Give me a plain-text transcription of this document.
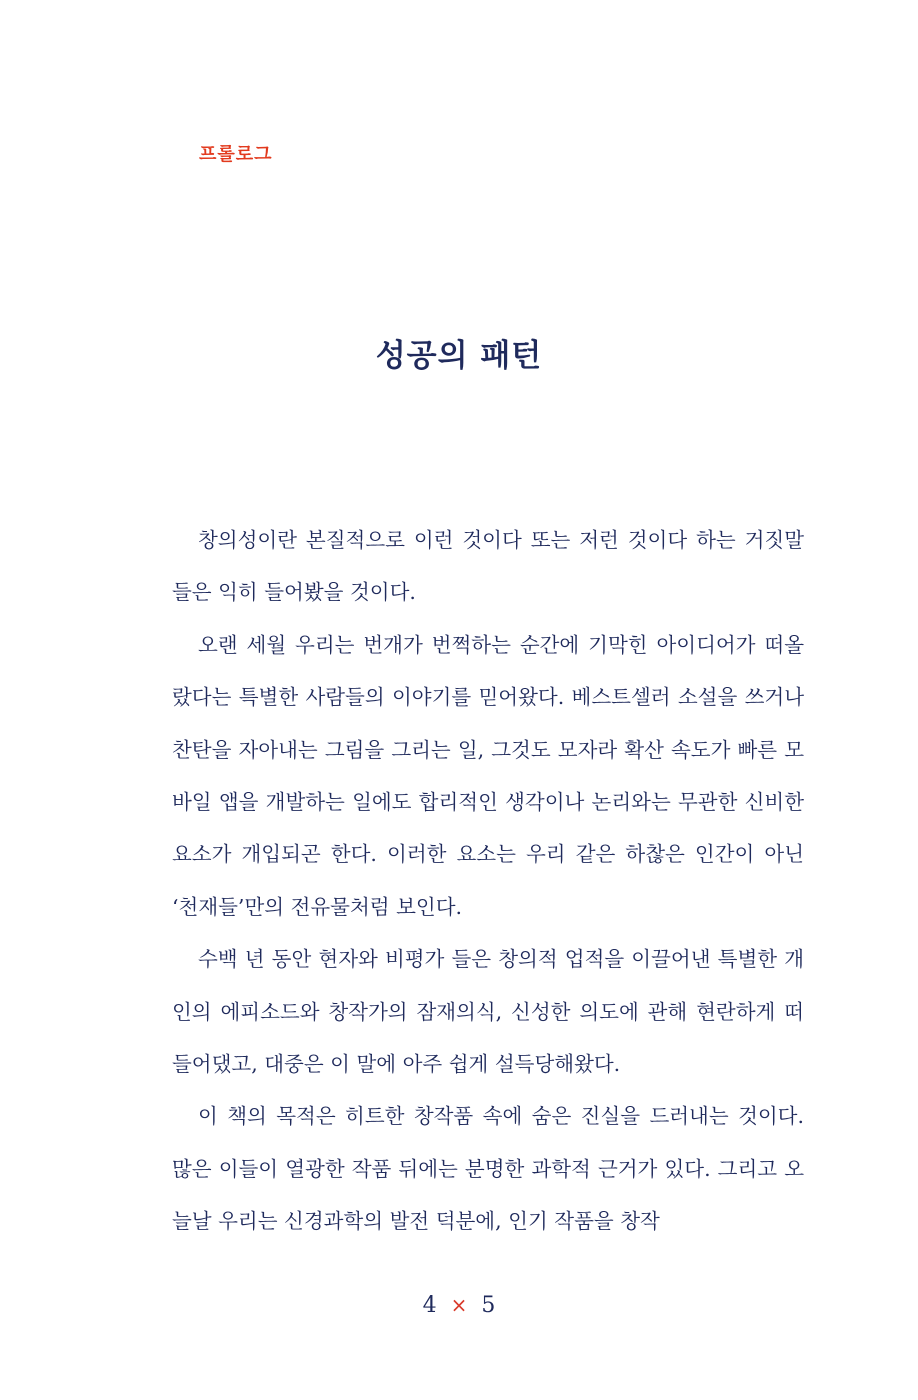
프롤로그
성공의 패턴

창의성이란 본질적으로 이런 것이다 또는 저런 것이다 하는 거짓말들은 익히 들어봤을 것이다.

오랜 세월 우리는 번개가 번쩍하는 순간에 기막힌 아이디어가 떠올랐다는 특별한 사람들의 이야기를 믿어왔다. 베스트셀러 소설을 쓰거나 찬탄을 자아내는 그림을 그리는 일, 그것도 모자라 확산 속도가 빠른 모바일 앱을 개발하는 일에도 합리적인 생각이나 논리와는 무관한 신비한 요소가 개입되곤 한다. 이러한 요소는 우리 같은 하찮은 인간이 아닌 ‘천재들’만의 전유물처럼 보인다.

수백 년 동안 현자와 비평가 들은 창의적 업적을 이끌어낸 특별한 개인의 에피소드와 창작가의 잠재의식, 신성한 의도에 관해 현란하게 떠들어댔고, 대중은 이 말에 아주 쉽게 설득당해왔다.

이 책의 목적은 히트한 창작품 속에 숨은 진실을 드러내는 것이다. 많은 이들이 열광한 작품 뒤에는 분명한 과학적 근거가 있다. 그리고 오늘날 우리는 신경과학의 발전 덕분에, 인기 작품을 창작

4 × 5
